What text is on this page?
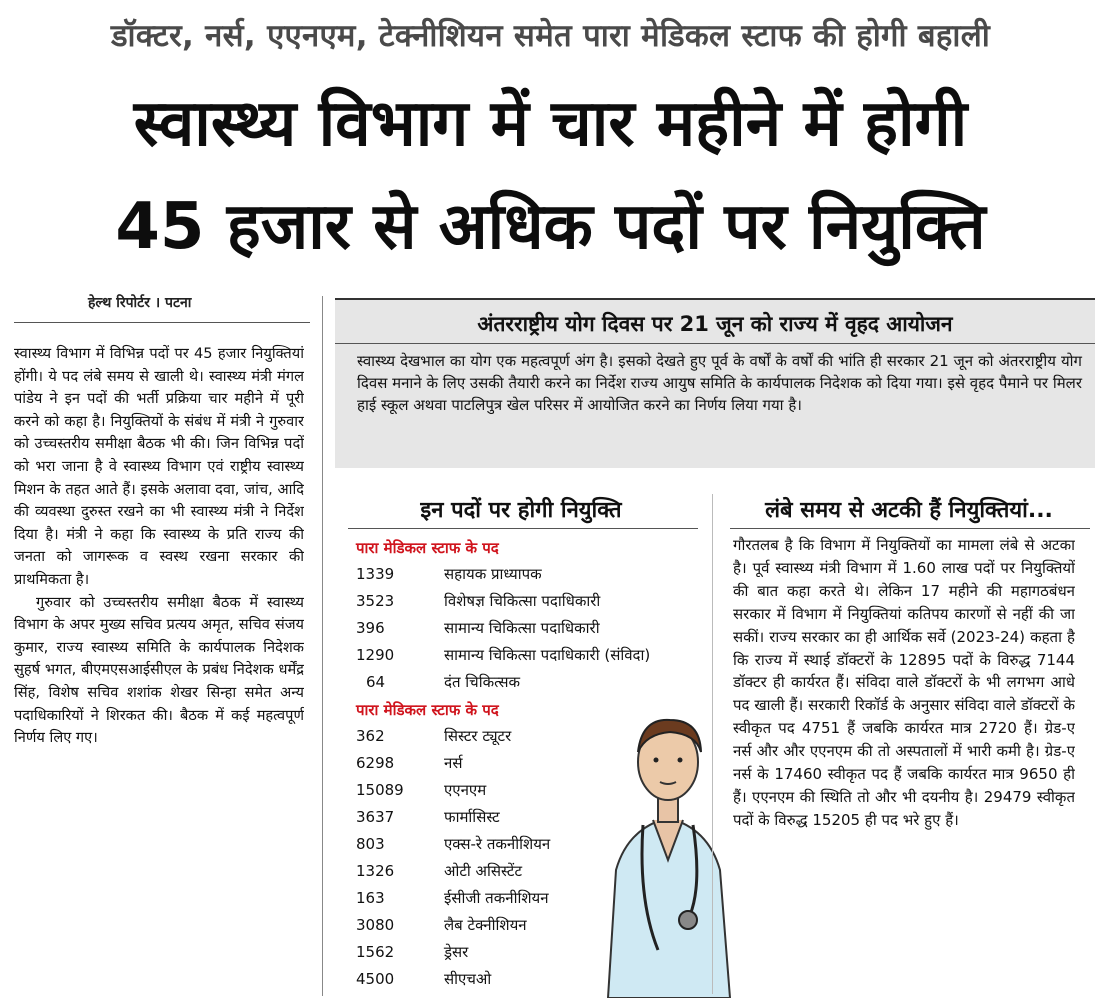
डॉक्टर, नर्स, एएनएम, टेक्नीशियन समेत पारा मेडिकल स्टाफ की होगी बहाली
स्वास्थ्य विभाग में चार महीने में होगी
45 हजार से अधिक पदों पर नियुक्ति
हेल्थ रिपोर्टर । पटना

स्वास्थ्य विभाग में विभिन्न पदों पर 45 हजार नियुक्तियां होंगी। ये पद लंबे समय से खाली थे। स्वास्थ्य मंत्री मंगल पांडेय ने इन पदों की भर्ती प्रक्रिया चार महीने में पूरी करने को कहा है। नियुक्तियों के संबंध में मंत्री ने गुरुवार को उच्चस्तरीय समीक्षा बैठक भी की। जिन विभिन्न पदों को भरा जाना है वे स्वास्थ्य विभाग एवं राष्ट्रीय स्वास्थ्य मिशन के तहत आते हैं। इसके अलावा दवा, जांच, आदि की व्यवस्था दुरुस्त रखने का भी स्वास्थ्य मंत्री ने निर्देश दिया है। मंत्री ने कहा कि स्वास्थ्य के प्रति राज्य की जनता को जागरूक व स्वस्थ रखना सरकार की प्राथमिकता है।

गुरुवार को उच्चस्तरीय समीक्षा बैठक में स्वास्थ्य विभाग के अपर मुख्य सचिव प्रत्यय अमृत, सचिव संजय कुमार, राज्य स्वास्थ्य समिति के कार्यपालक निदेशक सुहर्ष भगत, बीएमएसआईसीएल के प्रबंध निदेशक धर्मेंद्र सिंह, विशेष सचिव शशांक शेखर सिन्हा समेत अन्य पदाधिकारियों ने शिरकत की। बैठक में कई महत्वपूर्ण निर्णय लिए गए।

अंतरराष्ट्रीय योग दिवस पर 21 जून को राज्य में वृहद आयोजन
स्वास्थ्य देखभाल का योग एक महत्वपूर्ण अंग है। इसको देखते हुए पूर्व के वर्षों के वर्षों की भांति ही सरकार 21 जून को अंतरराष्ट्रीय योग दिवस मनाने के लिए उसकी तैयारी करने का निर्देश राज्य आयुष समिति के कार्यपालक निदेशक को दिया गया। इसे वृहद पैमाने पर मिलर हाई स्कूल अथवा पाटलिपुत्र खेल परिसर में आयोजित करने का निर्णय लिया गया है।
इन पदों पर होगी नियुक्ति
पारा मेडिकल स्टाफ के पद
1339	सहायक प्राध्यापक
3523	विशेषज्ञ चिकित्सा पदाधिकारी
396	सामान्य चिकित्सा पदाधिकारी
1290	सामान्य चिकित्सा पदाधिकारी (संविदा)
64	दंत चिकित्सक
पारा मेडिकल स्टाफ के पद
362	सिस्टर ट्यूटर
6298	नर्स
15089	एएनएम
3637	फार्मासिस्ट
803	एक्स-रे तकनीशियन
1326	ओटी असिस्टेंट
163	ईसीजी तकनीशियन
3080	लैब टेक्नीशियन
1562	ड्रेसर
4500	सीएचओ
लंबे समय से अटकी हैं नियुक्तियां...
गौरतलब है कि विभाग में नियुक्तियों का मामला लंबे से अटका है। पूर्व स्वास्थ्य मंत्री विभाग में 1.60 लाख पदों पर नियुक्तियों की बात कहा करते थे। लेकिन 17 महीने की महागठबंधन सरकार में विभाग में नियुक्तियां कतिपय कारणों से नहीं की जा सकीं। राज्य सरकार का ही आर्थिक सर्वे (2023-24) कहता है कि राज्य में स्थाई डॉक्टरों के 12895 पदों के विरुद्ध 7144 डॉक्टर ही कार्यरत हैं। संविदा वाले डॉक्टरों के भी लगभग आधे पद खाली हैं। सरकारी रिकॉर्ड के अनुसार संविदा वाले डॉक्टरों के स्वीकृत पद 4751 हैं जबकि कार्यरत मात्र 2720 हैं। ग्रेड-ए नर्स और और एएनएम की तो अस्पतालों में भारी कमी है। ग्रेड-ए नर्स के 17460 स्वीकृत पद हैं जबकि कार्यरत मात्र 9650 ही हैं। एएनएम की स्थिति तो और भी दयनीय है। 29479 स्वीकृत पदों के विरुद्ध 15205 ही पद भरे हुए हैं।
